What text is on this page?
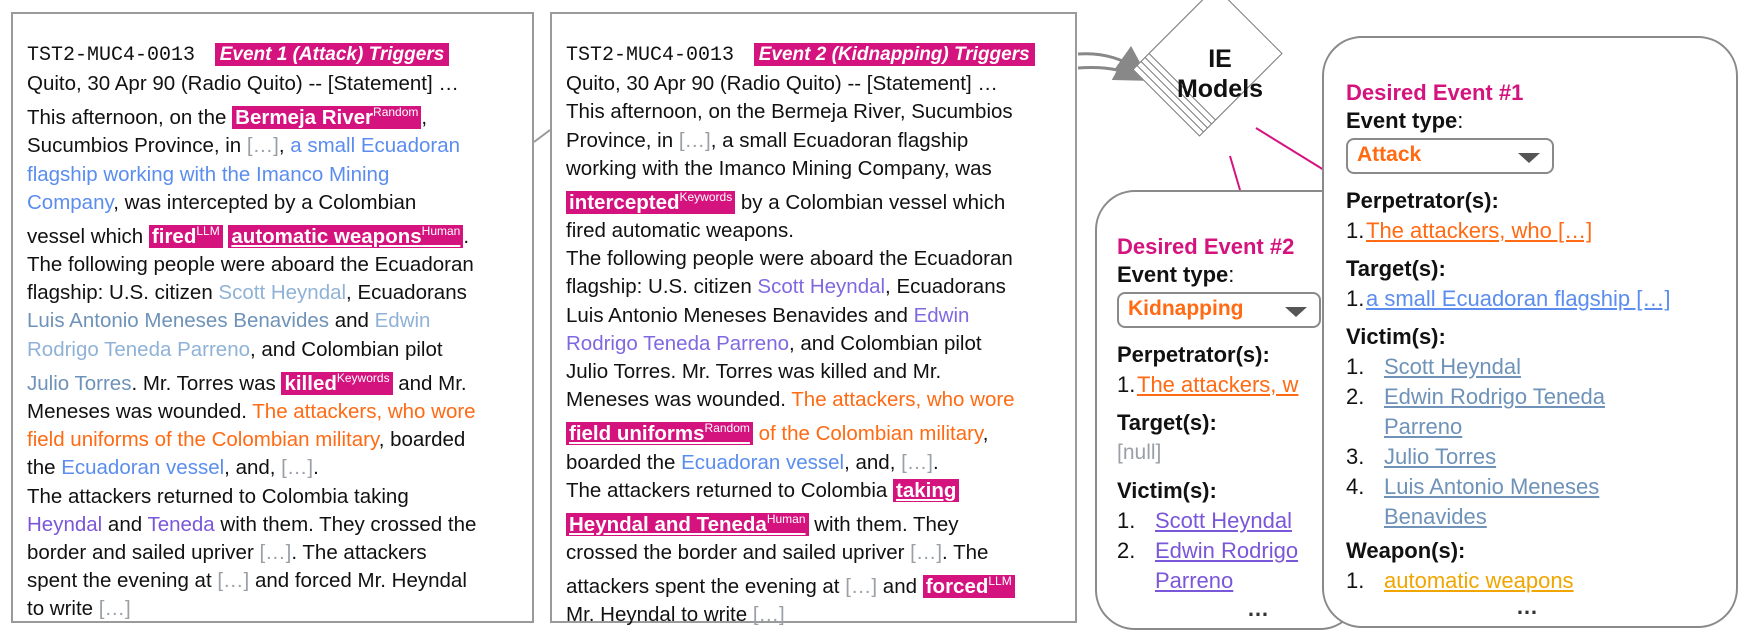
TST2-MUC4-0013 Event 1 (Attack) Triggers
Quito, 30 Apr 90 (Radio Quito) -- [Statement] …
This afternoon, on the Bermeja River$^{Random}$ ,
Sucumbios Province, in […], a small Ecuadoran
flagship working with the Imanco Mining
Company, was intercepted by a Colombian
vessel which fired$^{LLM}$ automatic weapons$^{Human}$ .
The following people were aboard the Ecuadoran
flagship: U.S. citizen Scott Heyndal, Ecuadorans
Luis Antonio Meneses Benavides and Edwin
Rodrigo Teneda Parreno, and Colombian pilot
Julio Torres. Mr. Torres was killed$^{Keywords}$ and Mr.
Meneses was wounded. The attackers, who wore
field uniforms of the Colombian military, boarded
the Ecuadoran vessel, and, […].
The attackers returned to Colombia taking
Heyndal and Teneda with them. They crossed the
border and sailed upriver […]. The attackers
spent the evening at […] and forced Mr. Heyndal
to write […]
TST2-MUC4-0013 Event 2 (Kidnapping) Triggers
Quito, 30 Apr 90 (Radio Quito) -- [Statement] …
This afternoon, on the Bermeja River, Sucumbios
Province, in […], a small Ecuadoran flagship
working with the Imanco Mining Company, was
intercepted$^{Keywords}$ by a Colombian vessel which
fired automatic weapons.
The following people were aboard the Ecuadoran
flagship: U.S. citizen Scott Heyndal, Ecuadorans
Luis Antonio Meneses Benavides and Edwin
Rodrigo Teneda Parreno, and Colombian pilot
Julio Torres. Mr. Torres was killed and Mr.
Meneses was wounded. The attackers, who wore
field uniforms$^{Random}$ of the Colombian military,
boarded the Ecuadoran vessel, and, […].
The attackers returned to Colombia taking
Heyndal and Teneda$^{Human}$ with them. They
crossed the border and sailed upriver […]. The
attackers spent the evening at […] and forced$^{LLM}$
Mr. Heyndal to write […]
IE
Models
Desired Event #2
Event type:
Kidnapping
Perpetrator(s):
1.The attackers, w
Target(s):
[null]
Victim(s):
1. Scott Heyndal
2. Edwin Rodrigo
Parreno
…
Desired Event #1
Event type:
Attack
Perpetrator(s):
1.The attackers, who […]
Target(s):
1.a small Ecuadoran flagship […]
Victim(s):
1. Scott Heyndal
2. Edwin Rodrigo Teneda
Parreno
3. Julio Torres
4. Luis Antonio Meneses
Benavides
Weapon(s):
1. automatic weapons
…
